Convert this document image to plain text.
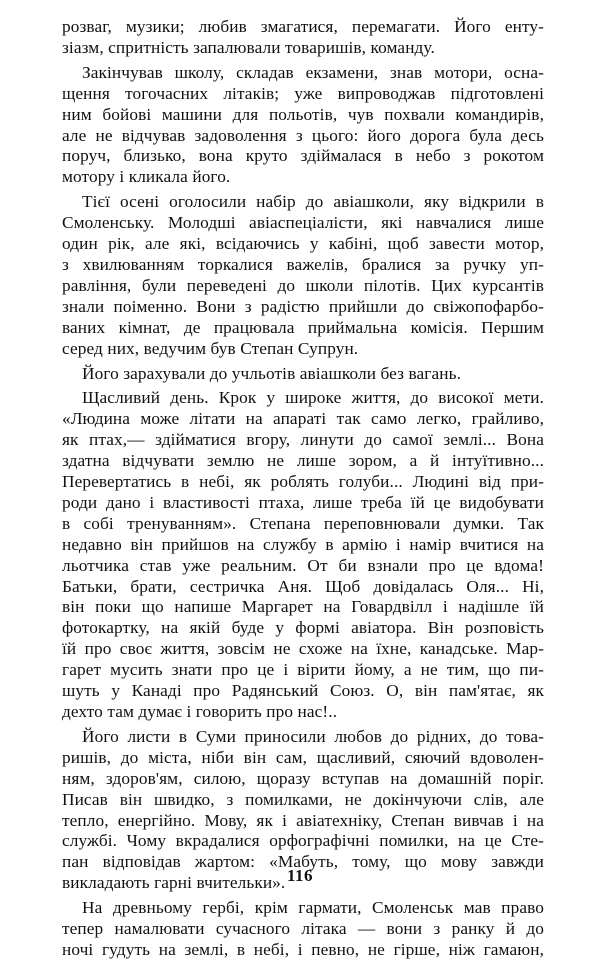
розваг, музики; любив змагатися, перемагати. Його енту-
зіазм, спритність запалювали товаришів, команду.
Закінчував школу, складав екзамени, знав мотори, осна-
щення тогочасних літаків; уже випроводжав підготовлені
ним бойові машини для польотів, чув похвали командирів,
але не відчував задоволення з цього: його дорога була десь
поруч, близько, вона круто здіймалася в небо з рокотом
мотору і кликала його.
Тієї осені оголосили набір до авіашколи, яку відкрили в
Смоленську. Молодші авіаспеціалісти, які навчалися лише
один рік, але які, всідаючись у кабіні, щоб завести мотор,
з хвилюванням торкалися важелів, бралися за ручку уп-
равління, були переведені до школи пілотів. Цих курсантів
знали поіменно. Вони з радістю прийшли до свіжопофарбо-
ваних кімнат, де працювала приймальна комісія. Першим
серед них, ведучим був Степан Супрун.
Його зарахували до учльотів авіашколи без вагань.
Щасливий день. Крок у широке життя, до високої мети.
«Людина може літати на апараті так само легко, грайливо,
як птах,— здійматися вгору, линути до самої землі... Вона
здатна відчувати землю не лише зором, а й інтуїтивно...
Перевертатись в небі, як роблять голуби... Людині від при-
роди дано і властивості птаха, лише треба їй це видобувати
в собі тренуванням». Степана переповнювали думки. Так
недавно він прийшов на службу в армію і намір вчитися на
льотчика став уже реальним. От би взнали про це вдома!
Батьки, брати, сестричка Аня. Щоб довідалась Оля... Ні,
він поки що напише Маргарет на Говардвілл і надішле їй
фотокартку, на якій буде у формі авіатора. Він розповість
їй про своє життя, зовсім не схоже на їхне, канадське. Мар-
гарет мусить знати про це і вірити йому, а не тим, що пи-
шуть у Канаді про Радянський Союз. О, він пам'ятає, як
дехто там думає і говорить про нас!..
Його листи в Суми приносили любов до рідних, до това-
ришів, до міста, ніби він сам, щасливий, сяючий вдоволен-
ням, здоров'ям, силою, щоразу вступав на домашній поріг.
Писав він швидко, з помилками, не докінчуючи слів, але
тепло, енергійно. Мову, як і авіатехніку, Степан вивчав і на
службі. Чому вкрадалися орфографічні помилки, на це Сте-
пан відповідав жартом: «Мабуть, тому, що мову завжди
викладають гарні вчительки».
На древньому гербі, крім гармати, Смоленськ мав право
тепер намалювати сучасного літака — вони з ранку й до
ночі гудуть на землі, в небі, і певно, не гірше, ніж гамаюн,
116
